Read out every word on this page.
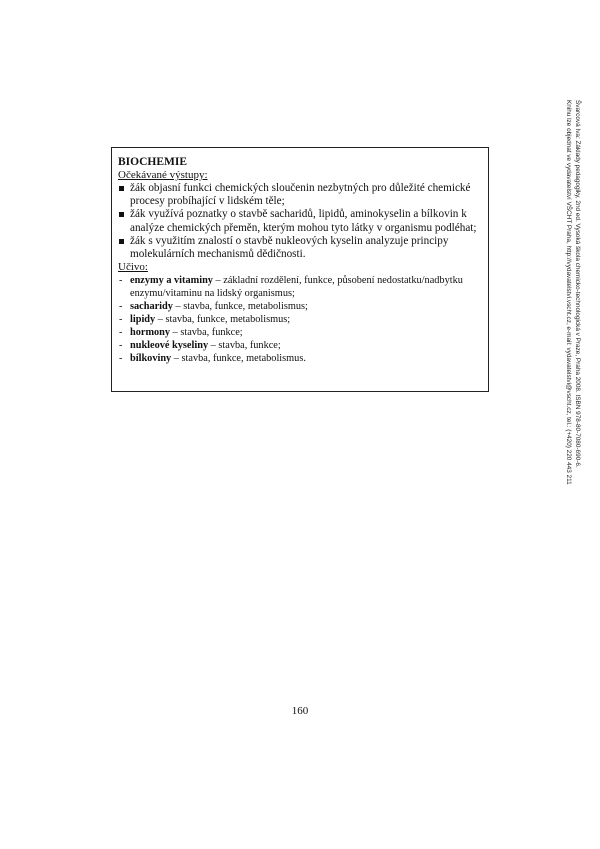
Švarcová Iva: Základy pedagogiky, 2nd ed. Vysoká škola chemicko-technologická v Praze, Praha 2008. ISBN 978-80-7080-690-6.
Knihu lze objednat ve vydavatelství VŠCHT Praha, http://vydavatelstvi.vscht.cz, e-mail: vydavatelstvi@vscht.cz, tel.: (+420) 220 443 211
BIOCHEMIE
Očekávané výstupy:
žák objasní funkci chemických sloučenin nezbytných pro důležité chemické procesy probíhající v lidském těle;
žák využívá poznatky o stavbě sacharidů, lipidů, aminokyselin a bílkovin k analýze chemických přeměn, kterým mohou tyto látky v organismu podléhat;
žák s využitím znalostí o stavbě nukleových kyselin analyzuje principy molekulárních mechanismů dědičnosti.
Učivo:
- enzymy a vitaminy – základní rozdělení, funkce, působení nedostatku/nadbytku enzymu/vitaminu na lidský organismus;
- sacharidy – stavba, funkce, metabolismus;
- lipidy – stavba, funkce, metabolismus;
- hormony – stavba, funkce;
- nukleové kyseliny – stavba, funkce;
- bílkoviny – stavba, funkce, metabolismus.
160
